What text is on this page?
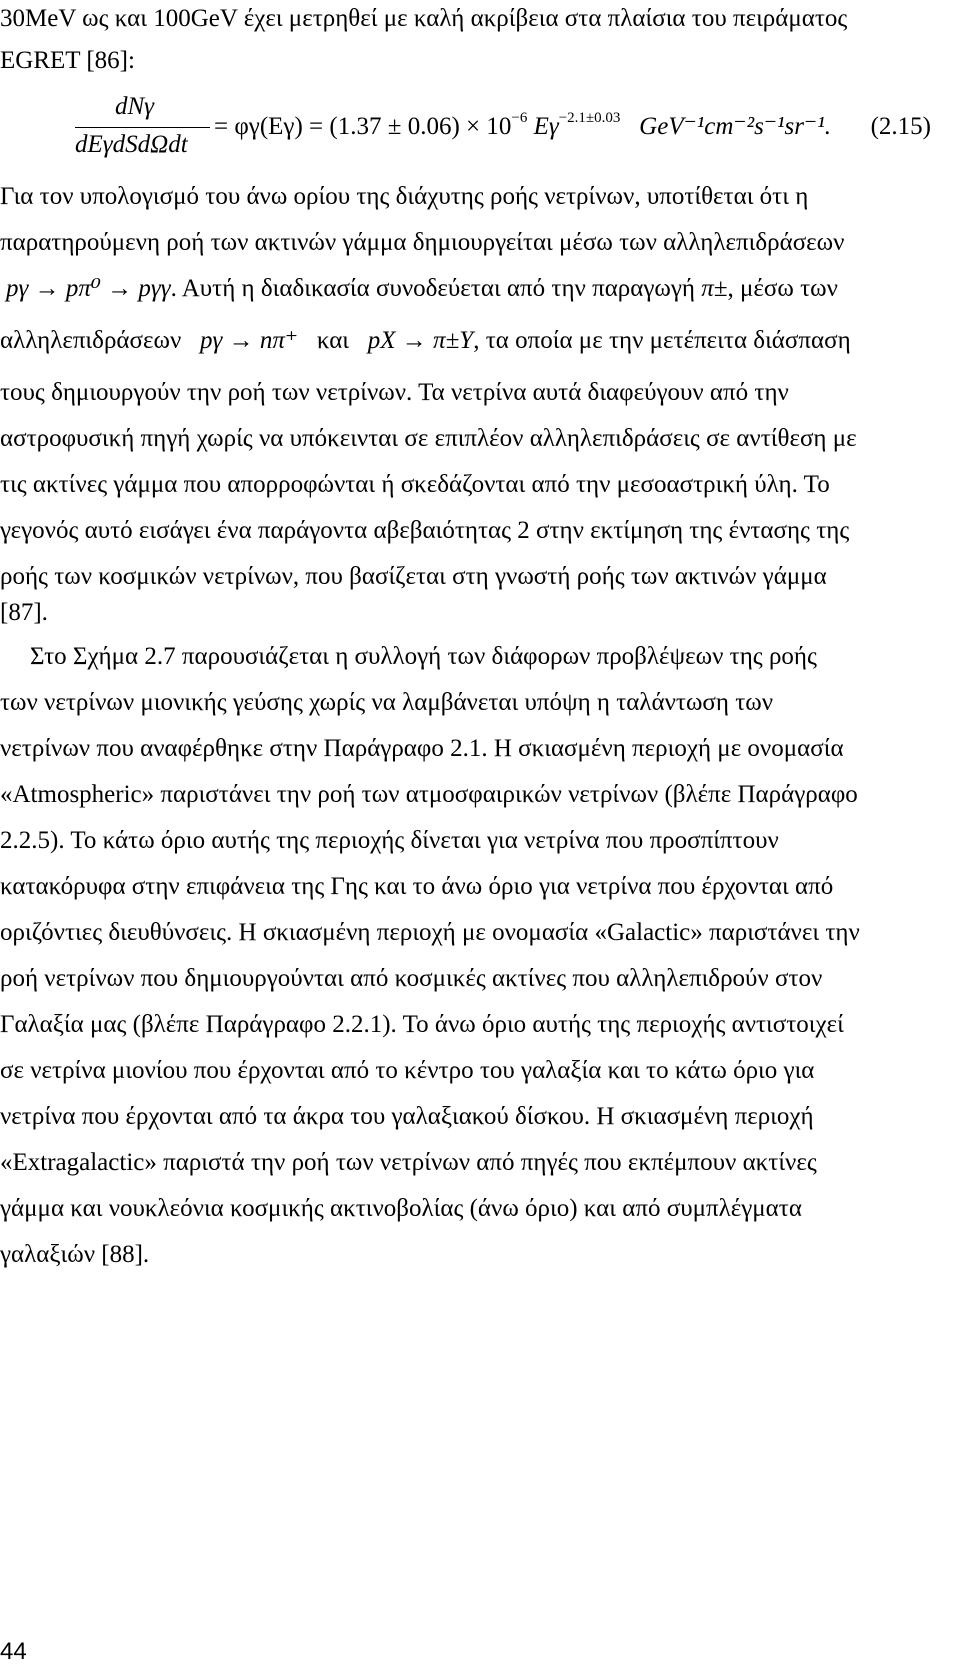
30MeV ως και 100GeV έχει μετρηθεί με καλή ακρίβεια στα πλαίσια του πειράματος
EGRET [86]:
dNγ
dEγdSdΩdt
= $\varphi\gamma(E\gamma) = (1.37 \pm 0.06) \times 10^{-6}$ $E\gamma^{-2.1\pm 0.03}$ GeV⁻¹cm⁻²s⁻¹sr⁻¹. (2.15)
Για τον υπολογισμό του άνω ορίου της διάχυτης ροής νετρίνων, υποτίθεται ότι η
παρατηρούμενη ροή των ακτινών γάμμα δημιουργείται μέσω των αλληλεπιδράσεων
pγ → pπ⁰ → pγγ. Αυτή η διαδικασία συνοδεύεται από την παραγωγή π±, μέσω των
αλληλεπιδράσεων pγ → nπ⁺ και pX → π±Y, τα οποία με την μετέπειτα διάσπαση
τους δημιουργούν την ροή των νετρίνων. Τα νετρίνα αυτά διαφεύγουν από την
αστροφυσική πηγή χωρίς να υπόκεινται σε επιπλέον αλληλεπιδράσεις σε αντίθεση με
τις ακτίνες γάμμα που απορροφώνται ή σκεδάζονται από την μεσοαστρική ύλη. Το
γεγονός αυτό εισάγει ένα παράγοντα αβεβαιότητας 2 στην εκτίμηση της έντασης της
ροής των κοσμικών νετρίνων, που βασίζεται στη γνωστή ροής των ακτινών γάμμα
[87].
Στο Σχήμα 2.7 παρουσιάζεται η συλλογή των διάφορων προβλέψεων της ροής
των νετρίνων μιονικής γεύσης χωρίς να λαμβάνεται υπόψη η ταλάντωση των
νετρίνων που αναφέρθηκε στην Παράγραφο 2.1. Η σκιασμένη περιοχή με ονομασία
«Atmospheric» παριστάνει την ροή των ατμοσφαιρικών νετρίνων (βλέπε Παράγραφο
2.2.5). Το κάτω όριο αυτής της περιοχής δίνεται για νετρίνα που προσπίπτουν
κατακόρυφα στην επιφάνεια της Γης και το άνω όριο για νετρίνα που έρχονται από
οριζόντιες διευθύνσεις. Η σκιασμένη περιοχή με ονομασία «Galactic» παριστάνει την
ροή νετρίνων που δημιουργούνται από κοσμικές ακτίνες που αλληλεπιδρούν στον
Γαλαξία μας (βλέπε Παράγραφο 2.2.1). Το άνω όριο αυτής της περιοχής αντιστοιχεί
σε νετρίνα μιονίου που έρχονται από το κέντρο του γαλαξία και το κάτω όριο για
νετρίνα που έρχονται από τα άκρα του γαλαξιακού δίσκου. Η σκιασμένη περιοχή
«Extragalactic» παριστά την ροή των νετρίνων από πηγές που εκπέμπουν ακτίνες
γάμμα και νουκλεόνια κοσμικής ακτινοβολίας (άνω όριο) και από συμπλέγματα
γαλαξιών [88].
44
